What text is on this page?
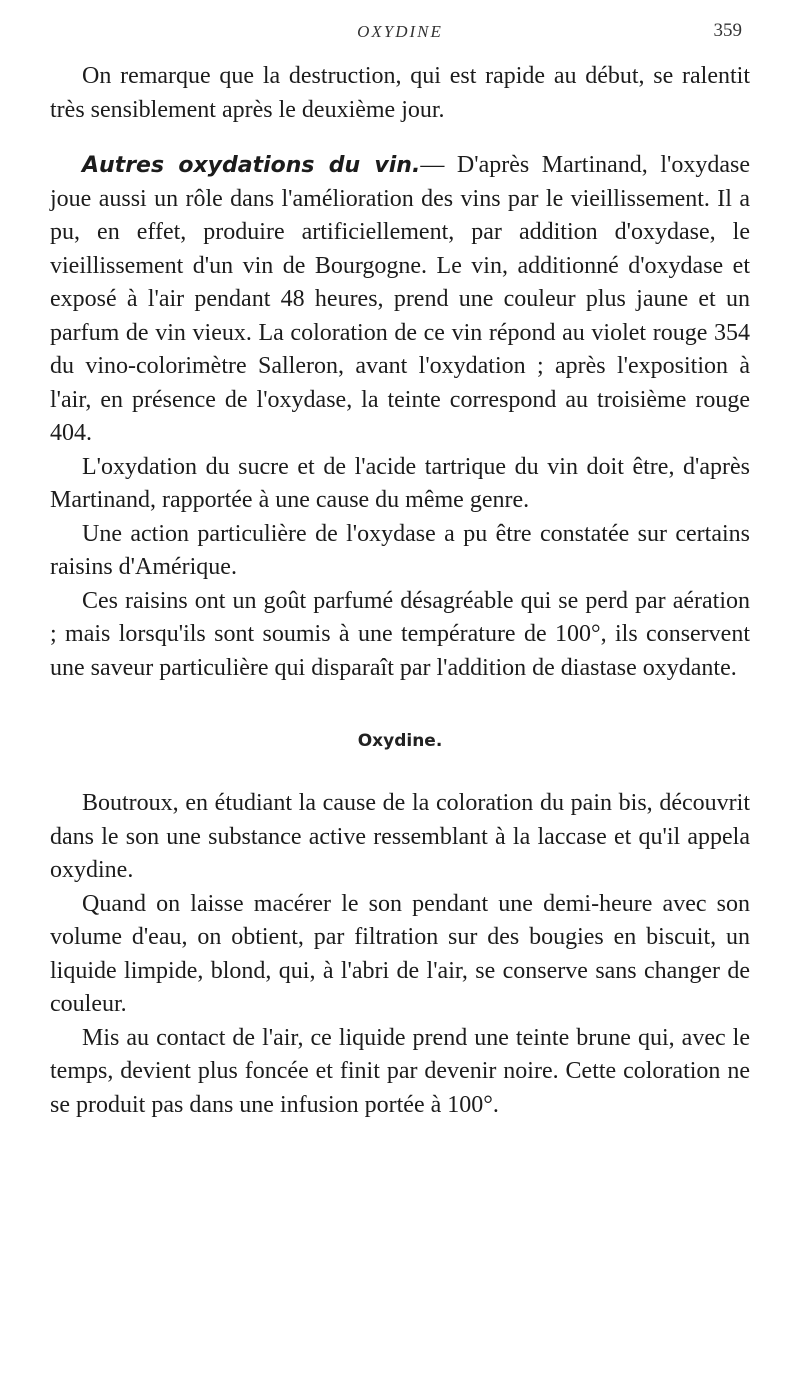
OXYDINE	359

On remarque que la destruction, qui est rapide au début, se ralentit très sensiblement après le deuxième jour.

Autres oxydations du vin.— D'après Martinand, l'oxydase joue aussi un rôle dans l'amélioration des vins par le vieillissement. Il a pu, en effet, produire artificiellement, par addition d'oxydase, le vieillissement d'un vin de Bourgogne. Le vin, additionné d'oxydase et exposé à l'air pendant 48 heures, prend une couleur plus jaune et un parfum de vin vieux. La coloration de ce vin répond au violet rouge 354 du vino-colorimètre Salleron, avant l'oxydation ; après l'exposition à l'air, en présence de l'oxydase, la teinte correspond au troisième rouge 404.

L'oxydation du sucre et de l'acide tartrique du vin doit être, d'après Martinand, rapportée à une cause du même genre.

Une action particulière de l'oxydase a pu être constatée sur certains raisins d'Amérique.

Ces raisins ont un goût parfumé désagréable qui se perd par aération ; mais lorsqu'ils sont soumis à une température de 100°, ils conservent une saveur particulière qui disparaît par l'addition de diastase oxydante.

Oxydine.

Boutroux, en étudiant la cause de la coloration du pain bis, découvrit dans le son une substance active ressemblant à la laccase et qu'il appela oxydine.

Quand on laisse macérer le son pendant une demi-heure avec son volume d'eau, on obtient, par filtration sur des bougies en biscuit, un liquide limpide, blond, qui, à l'abri de l'air, se conserve sans changer de couleur.

Mis au contact de l'air, ce liquide prend une teinte brune qui, avec le temps, devient plus foncée et finit par devenir noire. Cette coloration ne se produit pas dans une infusion portée à 100°.
